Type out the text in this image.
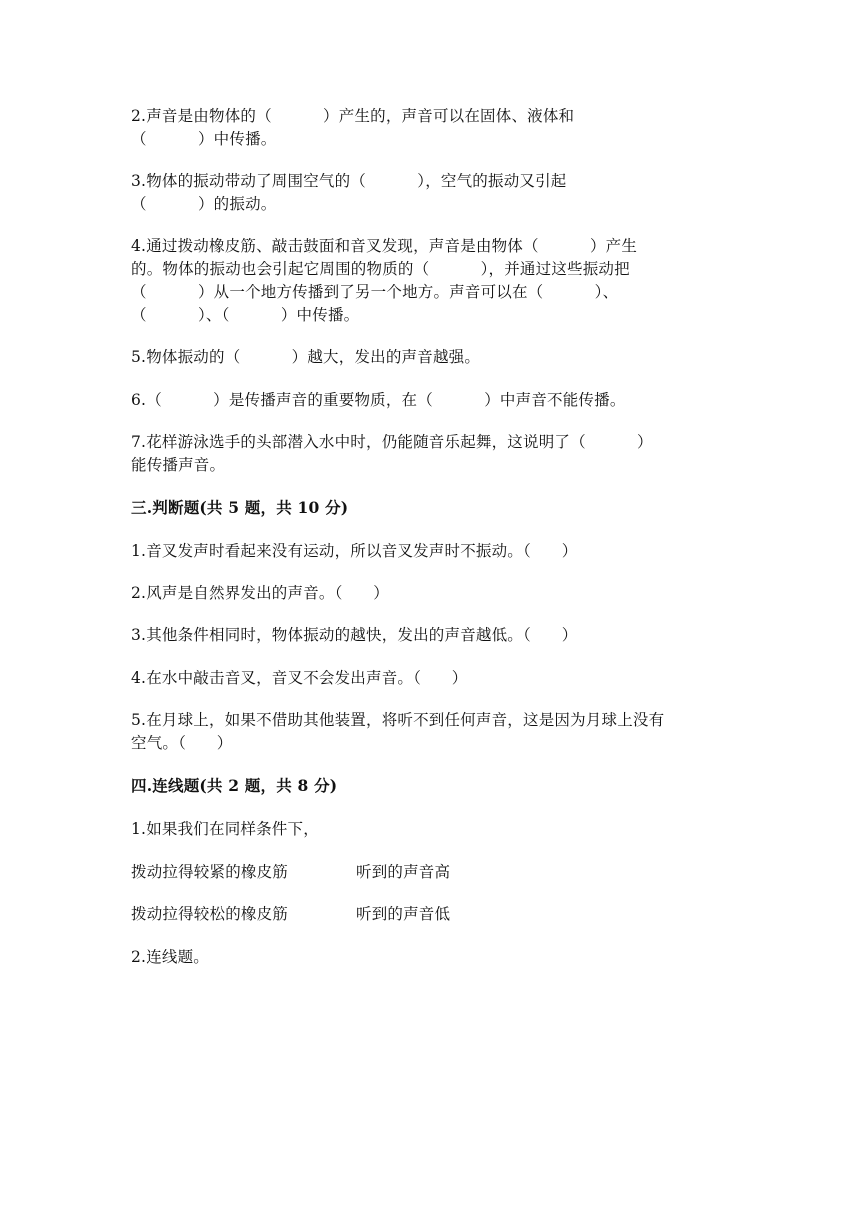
2.声音是由物体的（          ）产生的，声音可以在固体、液体和
（          ）中传播。
3.物体的振动带动了周围空气的（          ），空气的振动又引起
（          ）的振动。
4.通过拨动橡皮筋、敲击鼓面和音叉发现，声音是由物体（          ）产生
的。物体的振动也会引起它周围的物质的（          ），并通过这些振动把
（          ）从一个地方传播到了另一个地方。声音可以在（          ）、
（          ）、（          ）中传播。
5.物体振动的（          ）越大，发出的声音越强。
6.（          ）是传播声音的重要物质，在（          ）中声音不能传播。
7.花样游泳选手的头部潜入水中时，仍能随音乐起舞，这说明了（          ）
能传播声音。
三.判断题(共 5 题，共 10 分)
1.音叉发声时看起来没有运动，所以音叉发声时不振动。（      ）
2.风声是自然界发出的声音。（      ）
3.其他条件相同时，物体振动的越快，发出的声音越低。（      ）
4.在水中敲击音叉，音叉不会发出声音。（      ）
5.在月球上，如果不借助其他装置，将听不到任何声音，这是因为月球上没有
空气。（      ）
四.连线题(共 2 题，共 8 分)
1.如果我们在同样条件下，
拨动拉得较紧的橡皮筋	听到的声音高
拨动拉得较松的橡皮筋	听到的声音低
2.连线题。
